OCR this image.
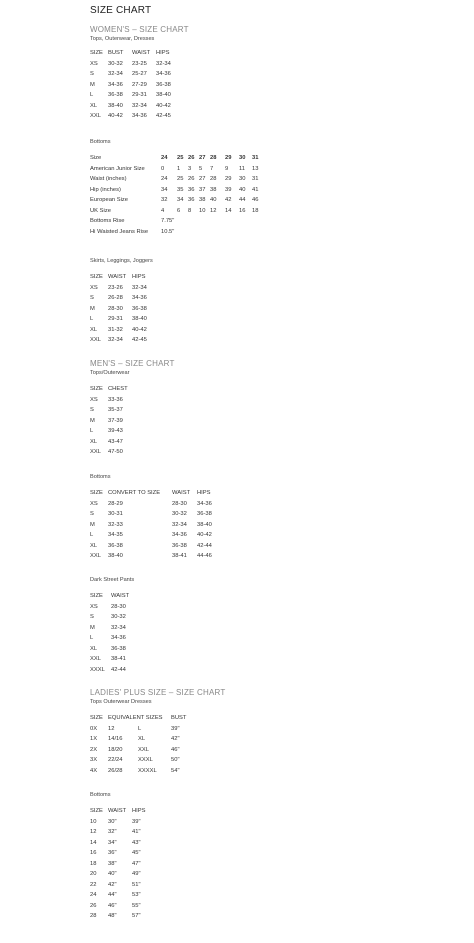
SIZE CHART
WOMEN'S – SIZE CHART
Tops, Outerwear, Dresses
SIZE	BUST	WAIST	HIPS
XS	30-32	23-25	32-34
S	32-34	25-27	34-36
M	34-36	27-29	36-38
L	36-38	29-31	38-40
XL	38-40	32-34	40-42
XXL	40-42	34-36	42-45
Bottoms
Size	24	25	26	27	28	29	30	31
American Junior Size	0	1	3	5	7	9	11	13
Waist (inches)	24	25	26	27	28	29	30	31
Hip (inches)	34	35	36	37	38	39	40	41
European Size	32	34	36	38	40	42	44	46
UK Size	4	6	8	10	12	14	16	18
Bottoms Rise	7.75"							
Hi Waisted Jeans Rise	10.5"							
Skirts, Leggings, Joggers
SIZE	WAIST	HIPS
XS	23-26	32-34
S	26-28	34-36
M	28-30	36-38
L	29-31	38-40
XL	31-32	40-42
XXL	32-34	42-45
MEN'S – SIZE CHART
Tops/Outerwear
SIZE	CHEST
XS	33-36
S	35-37
M	37-39
L	39-43
XL	43-47
XXL	47-50
Bottoms
SIZE	CONVERT TO SIZE	WAIST	HIPS
XS	28-29	28-30	34-36
S	30-31	30-32	36-38
M	32-33	32-34	38-40
L	34-35	34-36	40-42
XL	36-38	36-38	42-44
XXL	38-40	38-41	44-46
Dark Street Pants
SIZE	WAIST
XS	28-30
S	30-32
M	32-34
L	34-36
XL	36-38
XXL	38-41
XXXL	42-44
LADIES' PLUS SIZE – SIZE CHART
Tops Outerwear Dresses
SIZE	EQUIVALENT SIZES		BUST
0X	12	L	39"
1X	14/16	XL	42"
2X	18/20	XXL	46"
3X	22/24	XXXL	50"
4X	26/28	XXXXL	54"
Bottoms
SIZE	WAIST	HIPS
10	30"	39"
12	32"	41"
14	34"	43"
16	36"	45"
18	38"	47"
20	40"	49"
22	42"	51"
24	44"	53"
26	46"	55"
28	48"	57"
